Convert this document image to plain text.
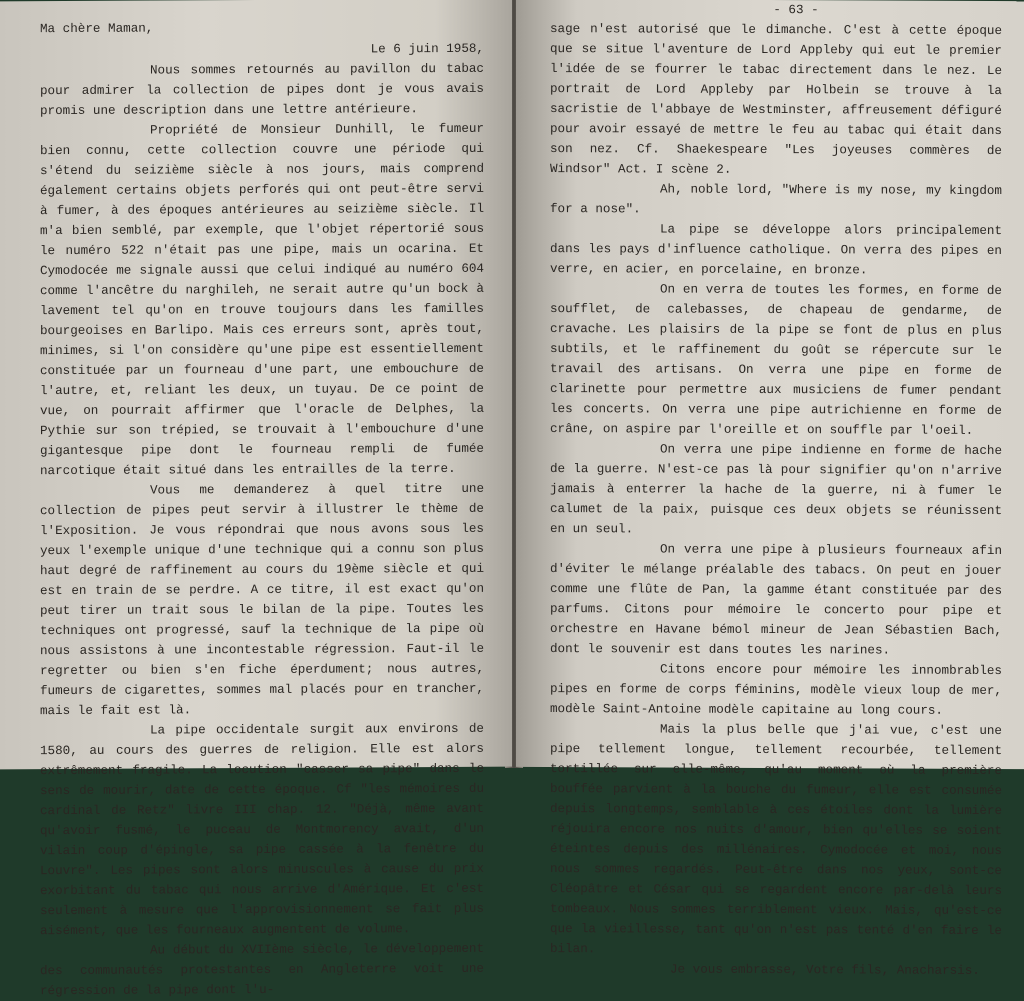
Ma chère Maman,

Le 6 juin 1958,

Nous sommes retournés au pavillon du tabac pour admirer la collection de pipes dont je vous avais promis une description dans une lettre antérieure.

Propriété de Monsieur Dunhill, le fumeur bien connu, cette collection couvre une période qui s'étend du seizième siècle à nos jours, mais comprend également certains objets perforés qui ont peut-être servi à fumer, à des époques antérieures au seizième siècle. Il m'a bien semblé, par exemple, que l'objet répertorié sous le numéro 522 n'était pas une pipe, mais un ocarina. Et Cymodocée me signale aussi que celui indiqué au numéro 604 comme l'ancêtre du narghileh, ne serait autre qu'un bock à lavement tel qu'on en trouve toujours dans les familles bourgeoises en Barlipo. Mais ces erreurs sont, après tout, minimes, si l'on considère qu'une pipe est essentiellement constituée par un fourneau d'une part, une embouchure de l'autre, et, reliant les deux, un tuyau. De ce point de vue, on pourrait affirmer que l'oracle de Delphes, la Pythie sur son trépied, se trouvait à l'embouchure d'une gigantesque pipe dont le fourneau rempli de fumée narcotique était situé dans les entrailles de la terre.

Vous me demanderez à quel titre une collection de pipes peut servir à illustrer le thème de l'Exposition. Je vous répondrai que nous avons sous les yeux l'exemple unique d'une technique qui a connu son plus haut degré de raffinement au cours du 19ème siècle et qui est en train de se perdre. A ce titre, il est exact qu'on peut tirer un trait sous le bilan de la pipe. Toutes les techniques ont progressé, sauf la technique de la pipe où nous assistons à une incontestable régression. Faut-il le regretter ou bien s'en fiche éperdument; nous autres, fumeurs de cigarettes, sommes mal placés pour en trancher, mais le fait est là.

La pipe occidentale surgit aux environs de 1580, au cours des guerres de religion. Elle est alors extrêmement fragile. La locution "casser sa pipe" dans le sens de mourir, date de cette époque. Cf "les mémoires du cardinal de Retz" livre III chap. 12. "Déjà, même avant qu'avoir fusmé, le puceau de Montmorency avait, d'un vilain coup d'épingle, sa pipe cassée à la fenêtre du Louvre". Les pipes sont alors minuscules à cause du prix exorbitant du tabac qui nous arrive d'Amérique. Et c'est seulement à mesure que l'approvisionnement se fait plus aisément, que les fourneaux augmentent de volume.

Au début du XVIIème siècle, le développement des communautés protestantes en Angleterre voit une régression de la pipe dont l'u-

- 63 -

sage n'est autorisé que le dimanche. C'est à cette époque que se situe l'aventure de Lord Appleby qui eut le premier l'idée de se fourrer le tabac directement dans le nez. Le portrait de Lord Appleby par Holbein se trouve à la sacristie de l'abbaye de Westminster, affreusement défiguré pour avoir essayé de mettre le feu au tabac qui était dans son nez. Cf. Shaekespeare "Les joyeuses commères de Windsor" Act. I scène 2.

Ah, noble lord, "Where is my nose, my kingdom for a nose".

La pipe se développe alors principalement dans les pays d'influence catholique. On verra des pipes en verre, en acier, en porcelaine, en bronze.

On en verra de toutes les formes, en forme de soufflet, de calebasses, de chapeau de gendarme, de cravache. Les plaisirs de la pipe se font de plus en plus subtils, et le raffinement du goût se répercute sur le travail des artisans. On verra une pipe en forme de clarinette pour permettre aux musiciens de fumer pendant les concerts. On verra une pipe autrichienne en forme de crâne, on aspire par l'oreille et on souffle par l'oeil.

On verra une pipe indienne en forme de hache de la guerre. N'est-ce pas là pour signifier qu'on n'arrive jamais à enterrer la hache de la guerre, ni à fumer le calumet de la paix, puisque ces deux objets se réunissent en un seul.

On verra une pipe à plusieurs fourneaux afin d'éviter le mélange préalable des tabacs. On peut en jouer comme une flûte de Pan, la gamme étant constituée par des parfums. Citons pour mémoire le concerto pour pipe et orchestre en Havane bémol mineur de Jean Sébastien Bach, dont le souvenir est dans toutes les narines.

Citons encore pour mémoire les innombrables pipes en forme de corps féminins, modèle vieux loup de mer, modèle Saint-Antoine modèle capitaine au long cours.

Mais la plus belle que j'ai vue, c'est une pipe tellement longue, tellement recourbée, tellement tortillée sur elle-même, qu'au moment où la première bouffée parvient à la bouche du fumeur, elle est consumée depuis longtemps, semblable à ces étoiles dont la lumière réjouira encore nos nuits d'amour, bien qu'elles se soient éteintes depuis des millénaires. Cymodocée et moi, nous nous sommes regardés. Peut-être dans nos yeux, sont-ce Cléopâtre et César qui se regardent encore par-delà leurs tombeaux. Nous sommes terriblement vieux. Mais, qu'est-ce que la vieillesse, tant qu'on n'est pas tenté d'en faire le bilan.

Je vous embrasse, Votre fils, Anacharsis.
